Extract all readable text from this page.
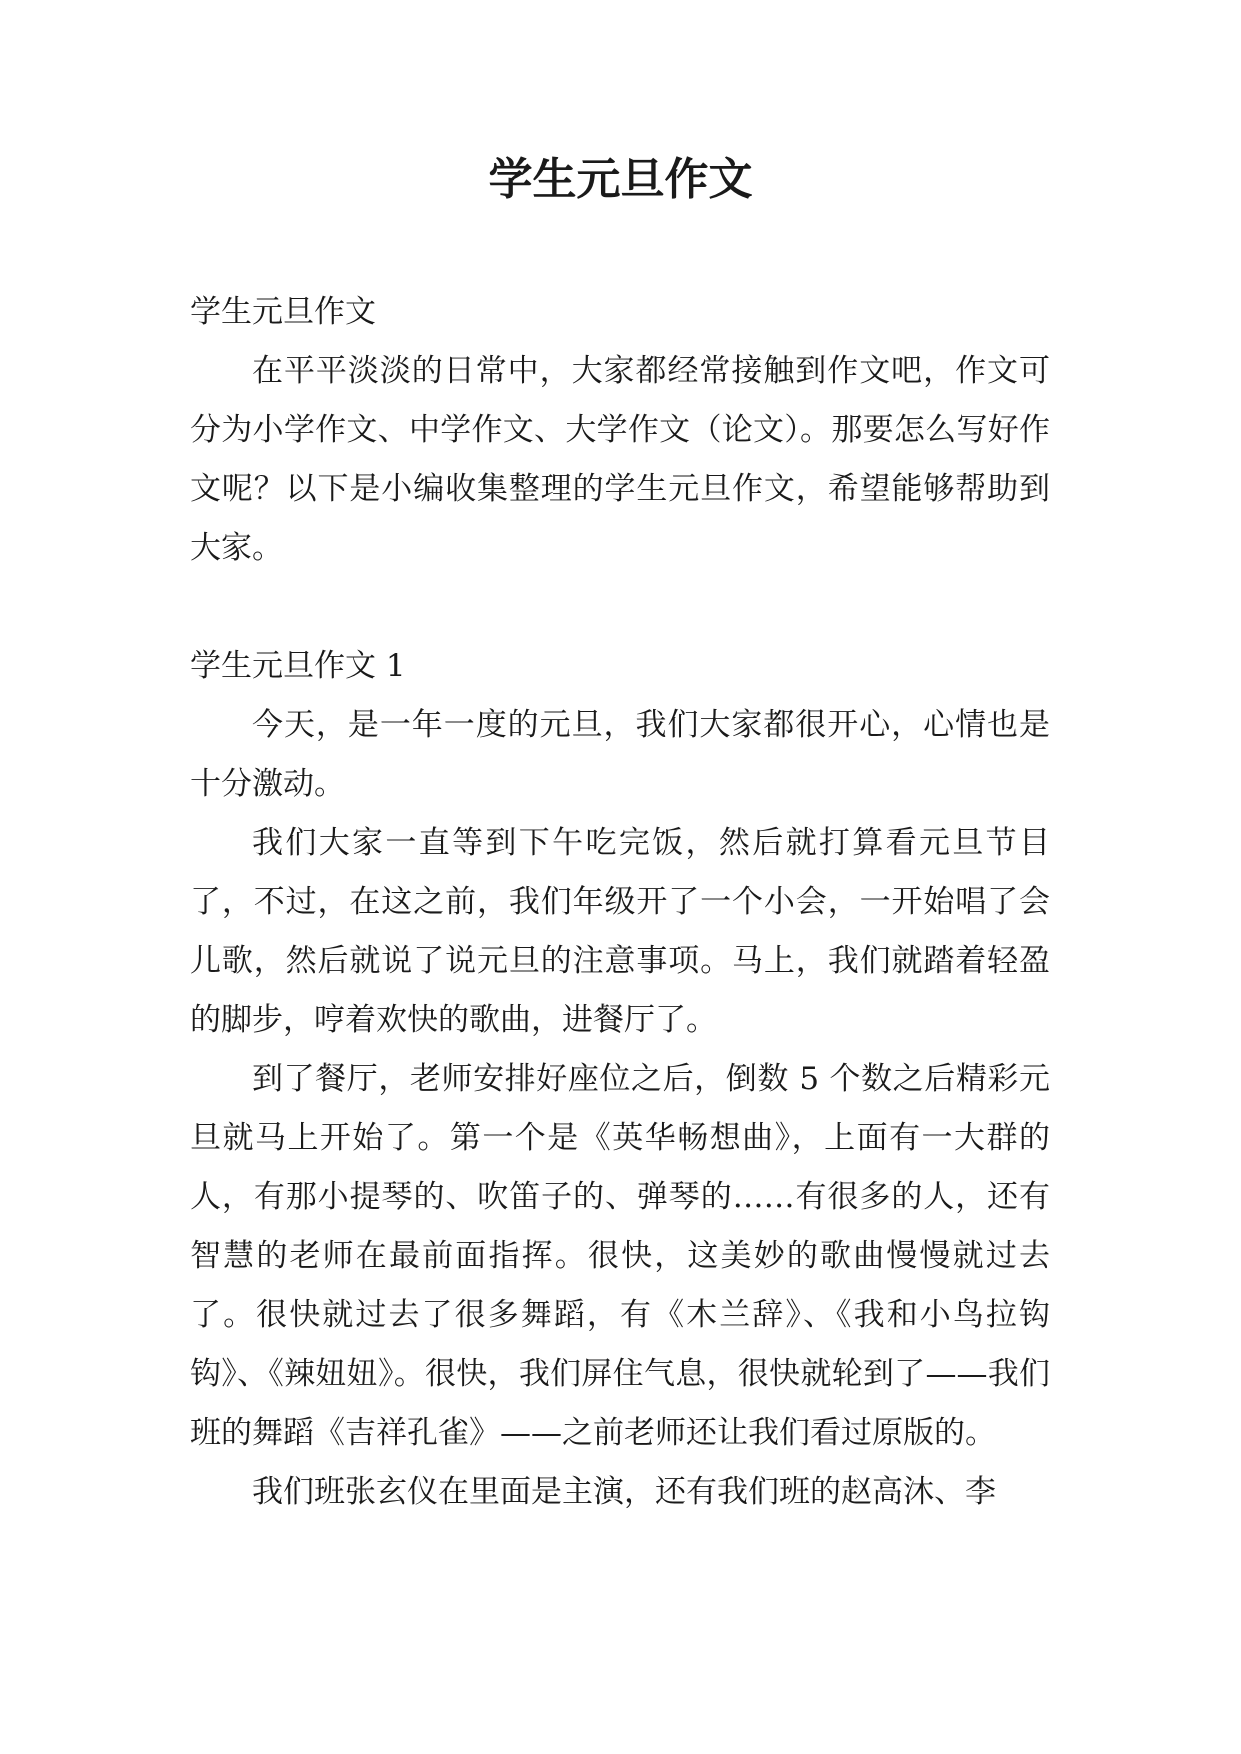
学生元旦作文

学生元旦作文

在平平淡淡的日常中，大家都经常接触到作文吧，作文可分为小学作文、中学作文、大学作文（论文）。那要怎么写好作文呢？以下是小编收集整理的学生元旦作文，希望能够帮助到大家。

学生元旦作文 1

今天，是一年一度的元旦，我们大家都很开心，心情也是十分激动。

我们大家一直等到下午吃完饭，然后就打算看元旦节目了，不过，在这之前，我们年级开了一个小会，一开始唱了会儿歌，然后就说了说元旦的注意事项。马上，我们就踏着轻盈的脚步，哼着欢快的歌曲，进餐厅了。

到了餐厅，老师安排好座位之后，倒数 5 个数之后精彩元旦就马上开始了。第一个是《英华畅想曲》，上面有一大群的人，有那小提琴的、吹笛子的、弹琴的……有很多的人，还有智慧的老师在最前面指挥。很快，这美妙的歌曲慢慢就过去了。很快就过去了很多舞蹈，有《木兰辞》、《我和小鸟拉钩钩》、《辣妞妞》。很快，我们屏住气息，很快就轮到了——我们班的舞蹈《吉祥孔雀》——之前老师还让我们看过原版的。

我们班张玄仪在里面是主演，还有我们班的赵高沐、李
